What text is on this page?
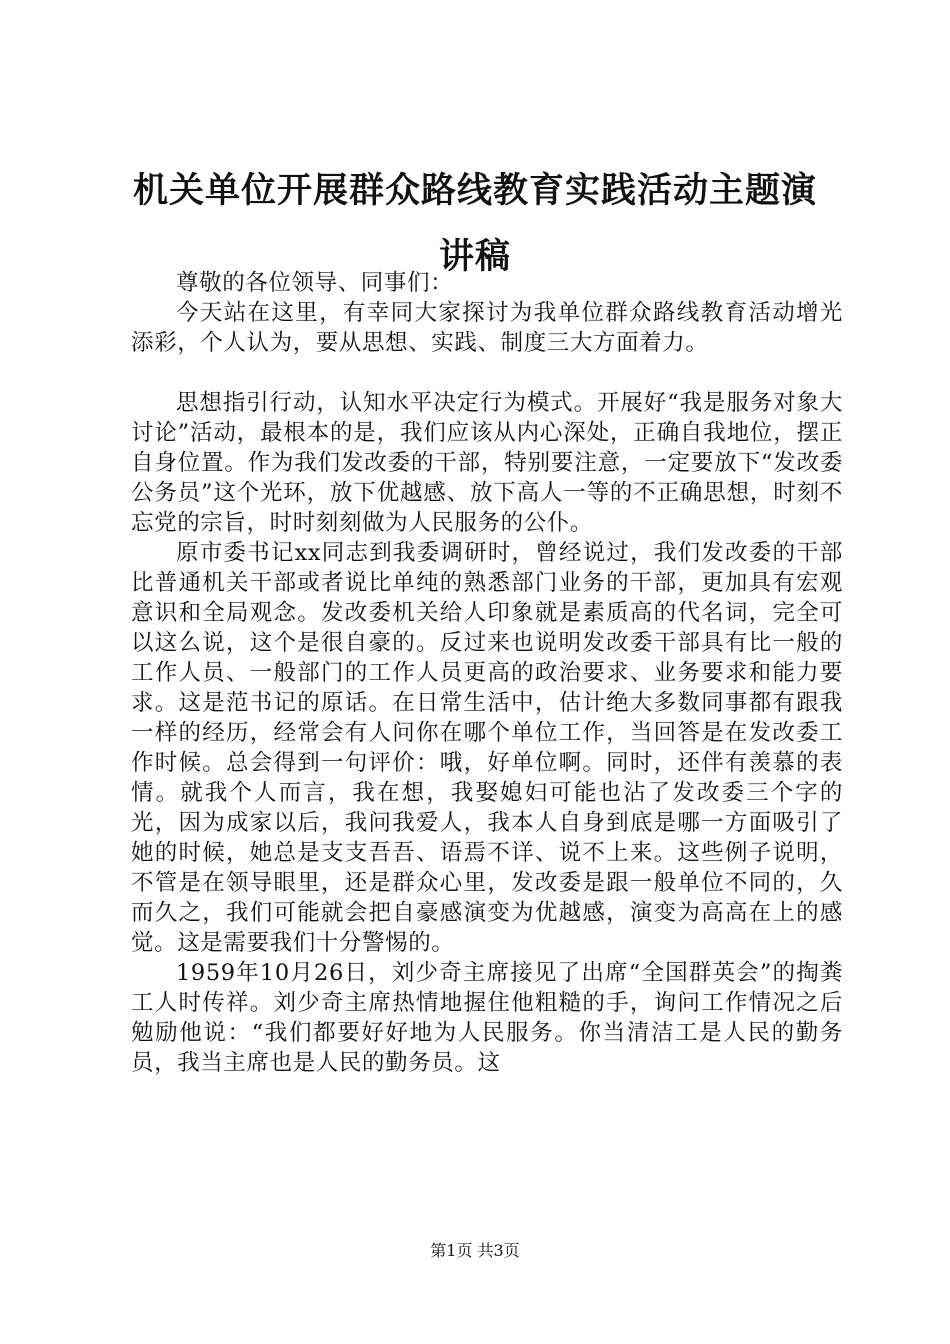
机关单位开展群众路线教育实践活动主题演讲稿

尊敬的各位领导、同事们：

今天站在这里，有幸同大家探讨为我单位群众路线教育活动增光添彩，个人认为，要从思想、实践、制度三大方面着力。

思想指引行动，认知水平决定行为模式。开展好“我是服务对象大讨论”活动，最根本的是，我们应该从内心深处，正确自我地位，摆正自身位置。作为我们发改委的干部，特别要注意，一定要放下“发改委公务员”这个光环，放下优越感、放下高人一等的不正确思想，时刻不忘党的宗旨，时时刻刻做为人民服务的公仆。

原市委书记xx同志到我委调研时，曾经说过，我们发改委的干部比普通机关干部或者说比单纯的熟悉部门业务的干部，更加具有宏观意识和全局观念。发改委机关给人印象就是素质高的代名词，完全可以这么说，这个是很自豪的。反过来也说明发改委干部具有比一般的工作人员、一般部门的工作人员更高的政治要求、业务要求和能力要求。这是范书记的原话。在日常生活中，估计绝大多数同事都有跟我一样的经历，经常会有人问你在哪个单位工作，当回答是在发改委工作时候。总会得到一句评价：哦，好单位啊。同时，还伴有羡慕的表情。就我个人而言，我在想，我娶媳妇可能也沾了发改委三个字的光，因为成家以后，我问我爱人，我本人自身到底是哪一方面吸引了她的时候，她总是支支吾吾、语焉不详、说不上来。这些例子说明，不管是在领导眼里，还是群众心里，发改委是跟一般单位不同的，久而久之，我们可能就会把自豪感演变为优越感，演变为高高在上的感觉。这是需要我们十分警惕的。

1959年10月26日，刘少奇主席接见了出席“全国群英会”的掏粪工人时传祥。刘少奇主席热情地握住他粗糙的手，询问工作情况之后勉励他说：“我们都要好好地为人民服务。你当清洁工是人民的勤务员，我当主席也是人民的勤务员。这

第1页 共3页
